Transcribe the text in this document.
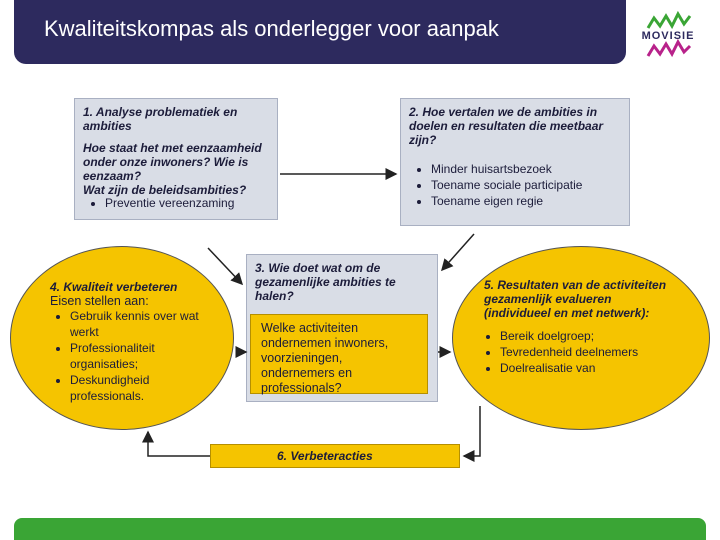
Kwaliteitskompas als onderlegger voor aanpak	MOVISIE

1. Analyse problematiek en ambities

Hoe staat het met eenzaamheid onder onze inwoners? Wie is eenzaam?

Wat zijn de beleidsambities?

• Preventie vereenzaming

2. Hoe vertalen we de ambities in doelen en resultaten die meetbaar zijn?

• Minder huisartsbezoek
• Toename sociale participatie
• Toename eigen regie

3. Wie doet wat om de gezamenlijke ambities te halen?

Welke activiteiten ondernemen inwoners, voorzieningen, ondernemers en professionals?

4. Kwaliteit verbeteren

Eisen stellen aan:

• Gebruik kennis over wat werkt
• Professionaliteit organisaties;
• Deskundigheid professionals.

5. Resultaten van de activiteiten gezamenlijk evalueren (individueel en met netwerk):

• Bereik doelgroep;
• Tevredenheid deelnemers
• Doelrealisatie van

6. Verbeteracties
